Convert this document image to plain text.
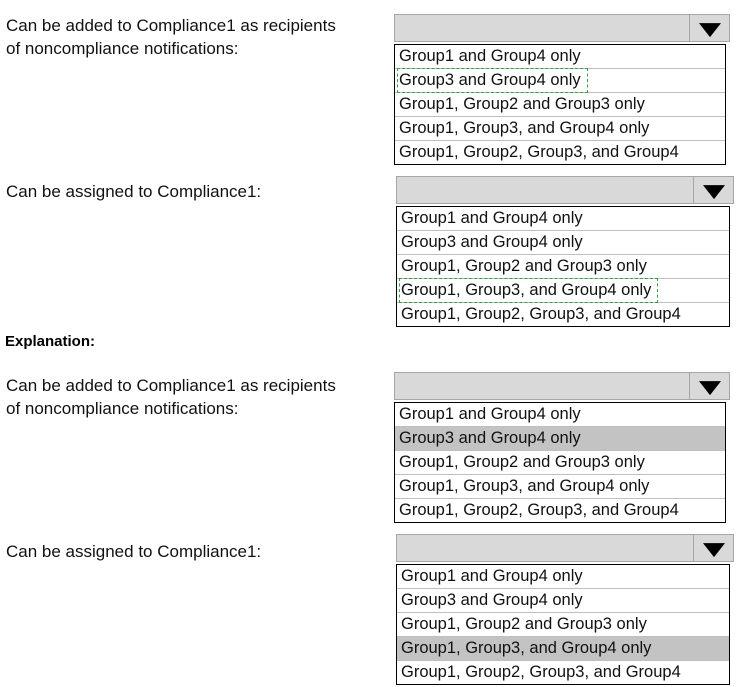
Can be added to Compliance1 as recipients
of noncompliance notifications:	Group1 and Group4 only
Group3 and Group4 only
Group1, Group2 and Group3 only
Group1, Group3, and Group4 only
Group1, Group2, Group3, and Group4

Can be assigned to Compliance1:

Group1 and Group4 only
Group3 and Group4 only
Group1, Group2 and Group3 only
Group1, Group3, and Group4 only
Group1, Group2, Group3, and Group4

Explanation:

Can be added to Compliance1 as recipients
of noncompliance notifications:	Group1 and Group4 only
Group3 and Group4 only
Group1, Group2 and Group3 only
Group1, Group3, and Group4 only
Group1, Group2, Group3, and Group4

Can be assigned to Compliance1:

Group1 and Group4 only
Group3 and Group4 only
Group1, Group2 and Group3 only
Group1, Group3, and Group4 only
Group1, Group2, Group3, and Group4
